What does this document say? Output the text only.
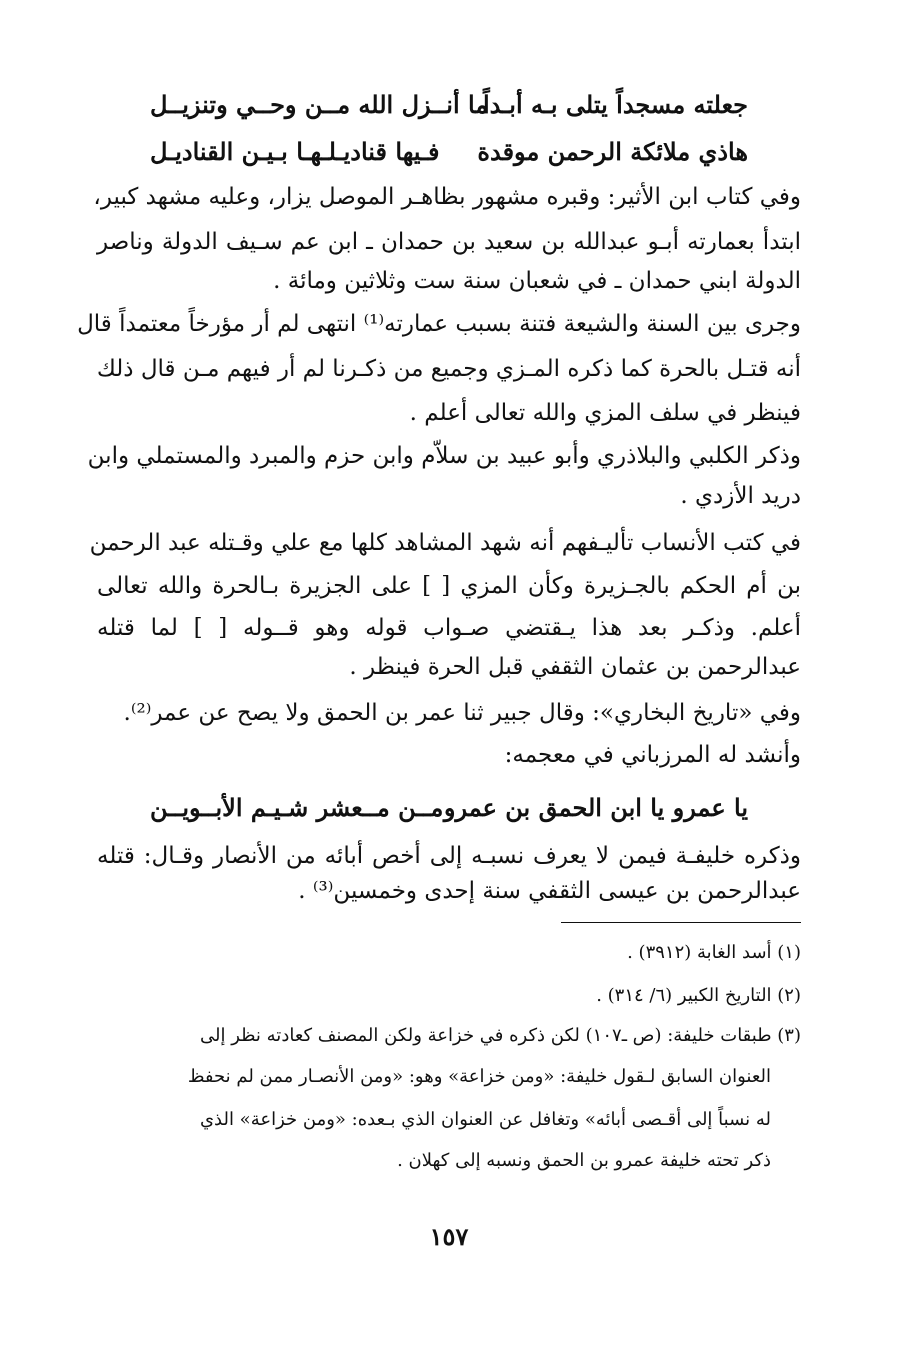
جعلته مسجداً يتلى بـه أبـداً
ما أنــزل الله مــن وحــي وتنزيــل
هاذي ملائكة الرحمن موقدة
فـيها قناديـلـهـا بـيـن القناديـل
وفي كتاب ابن الأثير: وقبره مشهور بظاهـر الموصل يزار، وعليه مشهد كبير،
ابتدأ بعمارته أبـو عبدالله بن سعيد بن حمدان ـ ابن عم سـيف الدولة وناصر
الدولة ابني حمدان ـ في شعبان سنة ست وثلاثين ومائة .
وجرى بين السنة والشيعة فتنة بسبب عمارته⁽¹⁾ انتهى لم أر مؤرخاً معتمداً قال
أنه قتـل بالحرة كما ذكره المـزي وجميع من ذكـرنا لم أر فيهم مـن قال ذلك
فينظر في سلف المزي والله تعالى أعلم .
وذكر الكلبي والبلاذري وأبو عبيد بن سلاّم وابن حزم والمبرد والمستملي وابن
دريد الأزدي .
في كتب الأنساب تأليـفهم أنه شهد المشاهد كلها مع علي وقـتله عبد الرحمن
بن أم الحكم بالجـزيرة وكأن المزي [ ] على الجزيرة بـالحرة والله تعالى
أعلم. وذكـر بعد هذا يـقتضي صـواب قوله وهو قــوله [ ] لما قتله
عبدالرحمن بن عثمان الثقفي قبل الحرة فينظر .
وفي «تاريخ البخاري»: وقال جبير ثنا عمر بن الحمق ولا يصح عن عمر⁽²⁾.
وأنشد له المرزباني في معجمه:
يا عمرو يا ابن الحمق بن عمرو
مــن مــعشر شـيـم الأبــويــن
وذكره خليفـة فيمن لا يعرف نسبـه إلى أخص أبائه من الأنصار وقـال: قتله
عبدالرحمن بن عيسى الثقفي سنة إحدى وخمسين⁽³⁾ .
(١) أسد الغابة (٣٩١٢) .
(٢) التاريخ الكبير (٦/ ٣١٤) .
(٣) طبقات خليفة: (ص ـ١٠٧) لكن ذكره في خزاعة ولكن المصنف كعادته نظر إلى
العنوان السابق لـقول خليفة: «ومن خزاعة» وهو: «ومن الأنصـار ممن لم نحفظ
له نسباً إلى أقـصى أبائه» وتغافل عن العنوان الذي بـعده: «ومن خزاعة» الذي
ذكر تحته خليفة عمرو بن الحمق ونسبه إلى كهلان .
١٥٧
